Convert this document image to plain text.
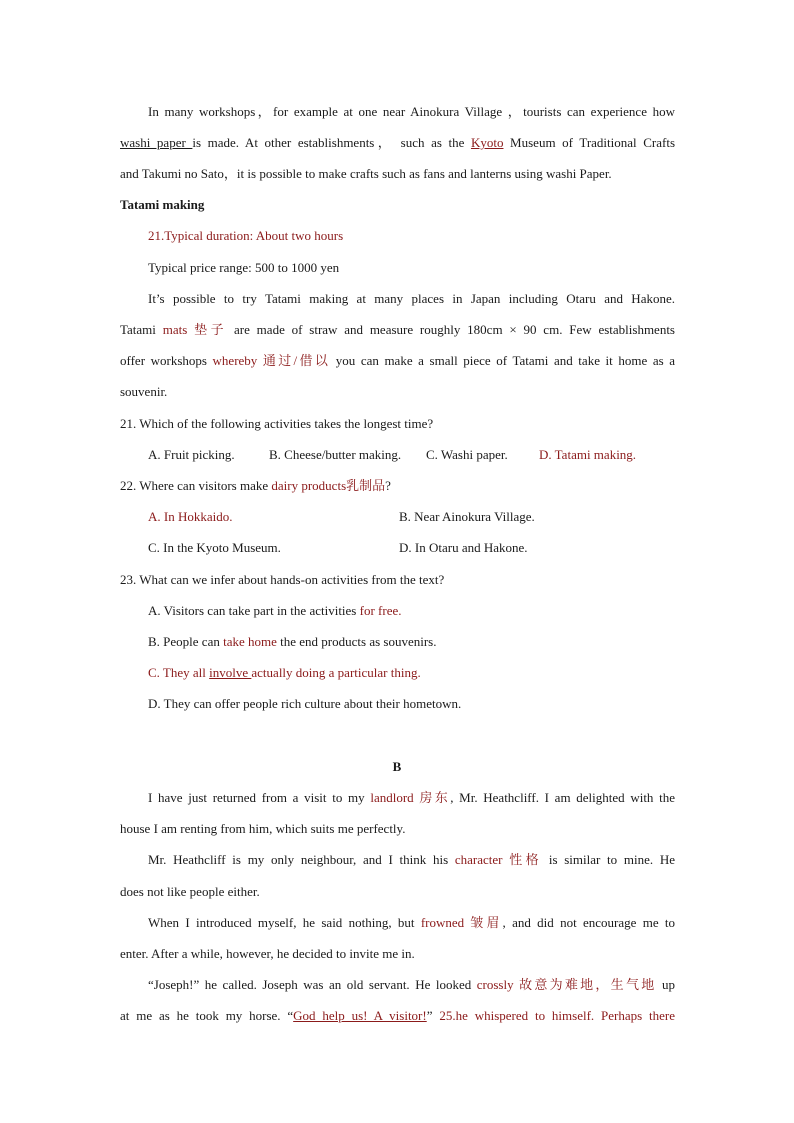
In many workshops，for example at one near Ainokura Village ，tourists can experience how
washi paper is made. At other establishments， such as the Kyoto Museum of Traditional Crafts
and Takumi no Sato，it is possible to make crafts such as fans and lanterns using washi Paper.
Tatami making
21.Typical duration: About two hours
Typical price range: 500 to 1000 yen
It’s possible to try Tatami making at many places in Japan including Otaru and Hakone.
Tatami mats 垫子 are made of straw and measure roughly 180cm × 90 cm. Few establishments
offer workshops whereby 通过/借以 you can make a small piece of Tatami and take it home as a
souvenir.
21. Which of the following activities takes the longest time?
A. Fruit picking.	B. Cheese/butter making. C. Washi paper. D. Tatami making.
22. Where can visitors make dairy products乳制品?
A. In Hokkaido.	B. Near Ainokura Village.
C. In the Kyoto Museum.	D. In Otaru and Hakone.
23. What can we infer about hands-on activities from the text?
A. Visitors can take part in the activities for free.
B. People can take home the end products as souvenirs.
C. They all involve actually doing a particular thing.
D. They can offer people rich culture about their hometown.
B
I have just returned from a visit to my landlord 房东, Mr. Heathcliff. I am delighted with the
house I am renting from him, which suits me perfectly.
Mr. Heathcliff is my only neighbour, and I think his character 性格 is similar to mine. He
does not like people either.
When I introduced myself, he said nothing, but frowned 皱眉, and did not encourage me to
enter. After a while, however, he decided to invite me in.
“Joseph!” he called. Joseph was an old servant. He looked crossly 故意为难地，生气地 up
at me as he took my horse. “God help us! A visitor!” 25.he whispered to himself. Perhaps there
